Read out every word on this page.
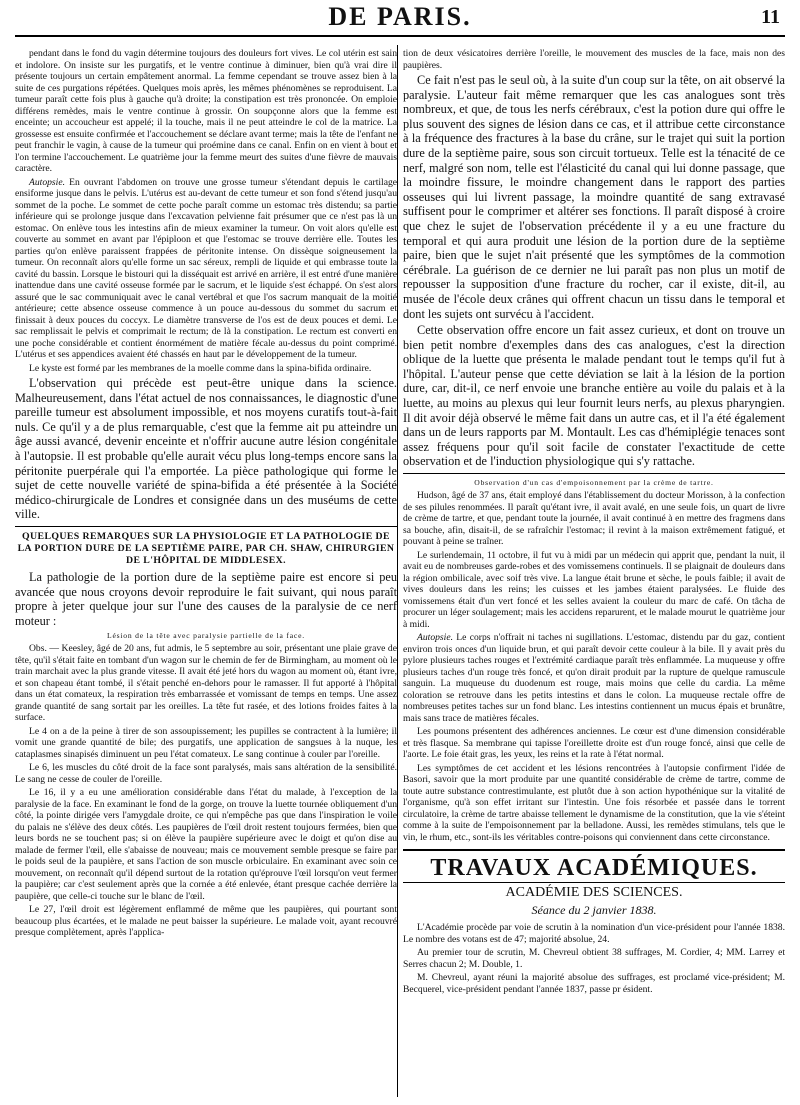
DE PARIS.	11

pendant dans le fond du vagin détermine toujours des douleurs fort vives. Le col utérin est sain et indolore. On insiste sur les purgatifs, et le ventre continue à diminuer, bien qu'à vrai dire il présente toujours un certain empâtement anormal. La femme cependant se trouve assez bien à la suite de ces purgations répétées. Quelques mois après, les mêmes phénomènes se reproduisent. La tumeur paraît cette fois plus à gauche qu'à droite; la constipation est très prononcée. On emploie différens remèdes, mais le ventre continue à grossir. On soupçonne alors que la femme est enceinte; un accoucheur est appelé; il la touche, mais il ne peut atteindre le col de la matrice. La grossesse est ensuite confirmée et l'accouchement se déclare avant terme; mais la tête de l'enfant ne peut franchir le vagin, à cause de la tumeur qui proémine dans ce canal. Enfin on en vient à bout et l'on termine l'accouchement. Le quatrième jour la femme meurt des suites d'une fièvre de mauvais caractère.

Autopsie. En ouvrant l'abdomen on trouve une grosse tumeur s'étendant depuis le cartilage ensiforme jusque dans le pelvis. L'utérus est au-devant de cette tumeur et son fond s'étend jusqu'au sommet de la poche. Le sommet de cette poche paraît comme un estomac très distendu; sa partie inférieure qui se prolonge jusque dans l'excavation pelvienne fait présumer que ce n'est pas là un estomac. On enlève tous les intestins afin de mieux examiner la tumeur. On voit alors qu'elle est couverte au sommet en avant par l'épiploon et que l'estomac se trouve derrière elle. Toutes les parties qu'on enlève paraissent frappées de péritonite intense. On dissèque soigneusement la tumeur. On reconnaît alors qu'elle forme un sac séreux, rempli de liquide et qui embrasse toute la cavité du bassin. Lorsque le bistouri qui la disséquait est arrivé en arrière, il est entré d'une manière inattendue dans une cavité osseuse formée par le sacrum, et le liquide s'est échappé. On s'est alors assuré que le sac communiquait avec le canal vertébral et que l'os sacrum manquait de la moitié antérieure; cette absence osseuse commence à un pouce au-dessous du sommet du sacrum et finissait à deux pouces du coccyx. Le diamètre transverse de l'os est de deux pouces et demi. Le sac remplissait le pelvis et comprimait le rectum; de là la constipation. Le rectum est converti en une poche considérable et contient énormément de matière fécale au-dessus du point comprimé. L'utérus et ses appendices avaient été chassés en haut par le développement de la tumeur.

Le kyste est formé par les membranes de la moelle comme dans la spina-bifida ordinaire.

L'observation qui précède est peut-être unique dans la science. Malheureusement, dans l'état actuel de nos connaissances, le diagnostic d'une pareille tumeur est absolument impossible, et nos moyens curatifs tout-à-fait nuls. Ce qu'il y a de plus remarquable, c'est que la femme ait pu atteindre un âge aussi avancé, devenir enceinte et n'offrir aucune autre lésion congénitale à l'autopsie. Il est probable qu'elle aurait vécu plus long-temps encore sans la péritonite puerpérale qui l'a emportée. La pièce pathologique qui forme le sujet de cette nouvelle variété de spina-bifida a été présentée à la Société médico-chirurgicale de Londres et consignée dans un des muséums de cette ville.

QUELQUES REMARQUES SUR LA PHYSIOLOGIE ET LA PATHOLOGIE DE LA PORTION DURE DE LA SEPTIÈME PAIRE, PAR CH. SHAW, CHIRURGIEN DE L'HÔPITAL DE MIDDLESEX.

La pathologie de la portion dure de la septième paire est encore si peu avancée que nous croyons devoir reproduire le fait suivant, qui nous paraît propre à jeter quelque jour sur l'une des causes de la paralysie de ce nerf moteur :

Lésion de la tête avec paralysie partielle de la face.

Obs. — Keesley, âgé de 20 ans, fut admis, le 5 septembre au soir, présentant une plaie grave de tête, qu'il s'était faite en tombant d'un wagon sur le chemin de fer de Birmingham, au moment où le train marchait avec la plus grande vitesse. Il avait été jeté hors du wagon au moment où, étant ivre, et son chapeau étant tombé, il s'était penché en-dehors pour le ramasser. Il fut apporté à l'hôpital dans un état comateux, la respiration très embarrassée et vomissant de temps en temps. Une assez grande quantité de sang sortait par les oreilles. La tête fut rasée, et des lotions froides faites à la surface.

Le 4 on a de la peine à tirer de son assoupissement; les pupilles se contractent à la lumière; il vomit une grande quantité de bile; des purgatifs, une application de sangsues à la nuque, les cataplasmes sinapisés diminuent un peu l'état comateux. Le sang continue à couler par l'oreille.

Le 6, les muscles du côté droit de la face sont paralysés, mais sans altération de la sensibilité. Le sang ne cesse de couler de l'oreille.

Le 16, il y a eu une amélioration considérable dans l'état du malade, à l'exception de la paralysie de la face. En examinant le fond de la gorge, on trouve la luette tournée obliquement d'un côté, la pointe dirigée vers l'amygdale droite, ce qui n'empêche pas que dans l'inspiration le voile du palais ne s'élève des deux côtés. Les paupières de l'œil droit restent toujours fermées, bien que leurs bords ne se touchent pas; si on élève la paupière supérieure avec le doigt et qu'on dise au malade de fermer l'œil, elle s'abaisse de nouveau; mais ce mouvement semble presque se faire par le poids seul de la paupière, et sans l'action de son muscle orbiculaire. En examinant avec soin ce mouvement, on reconnaît qu'il dépend surtout de la rotation qu'éprouve l'œil lorsqu'on veut fermer la paupière; car c'est seulement après que la cornée a été enlevée, étant presque cachée derrière la paupière, que celle-ci touche sur le blanc de l'œil.

Le 27, l'œil droit est légèrement enflammé de même que les paupières, qui pourtant sont beaucoup plus écartées, et le malade ne peut baisser la supérieure. Le malade voit, ayant recouvré presque complètement, après l'applica-

tion de deux vésicatoires derrière l'oreille, le mouvement des muscles de la face, mais non des paupières.

Ce fait n'est pas le seul où, à la suite d'un coup sur la tête, on ait observé la paralysie. L'auteur fait même remarquer que les cas analogues sont très nombreux, et que, de tous les nerfs cérébraux, c'est la potion dure qui offre le plus souvent des signes de lésion dans ce cas, et il attribue cette circonstance à la fréquence des fractures à la base du crâne, sur le trajet qui suit la portion dure de la septième paire, sous son circuit tortueux. Telle est la ténacité de ce nerf, malgré son nom, telle est l'élasticité du canal qui lui donne passage, que la moindre fissure, le moindre changement dans le rapport des parties osseuses qui lui livrent passage, la moindre quantité de sang extravasé suffisent pour le comprimer et altérer ses fonctions. Il paraît disposé à croire que chez le sujet de l'observation précédente il y a eu une fracture du temporal et qui aura produit une lésion de la portion dure de la septième paire, bien que le sujet n'ait présenté que les symptômes de la commotion cérébrale. La guérison de ce dernier ne lui paraît pas non plus un motif de repousser la supposition d'une fracture du rocher, car il existe, dit-il, au musée de l'école deux crânes qui offrent chacun un tissu dans le temporal et dont les sujets ont survécu à l'accident.

Cette observation offre encore un fait assez curieux, et dont on trouve un bien petit nombre d'exemples dans des cas analogues, c'est la direction oblique de la luette que présenta le malade pendant tout le temps qu'il fut à l'hôpital. L'auteur pense que cette déviation se lait à la lésion de la portion dure, car, dit-il, ce nerf envoie une branche entière au voile du palais et à la luette, au moins au plexus qui leur fournit leurs nerfs, au plexus pharyngien. Il dit avoir déjà observé le même fait dans un autre cas, et il l'a été également dans un de leurs rapports par M. Montault. Les cas d'hémiplégie tenaces sont assez fréquens pour qu'il soit facile de constater l'exactitude de cette observation et de l'induction physiologique qui s'y rattache.

Observation d'un cas d'empoisonnement par la crème de tartre.

Hudson, âgé de 37 ans, était employé dans l'établissement du docteur Morisson, à la confection de ses pilules renommées. Il paraît qu'étant ivre, il avait avalé, en une seule fois, un quart de livre de crème de tartre, et que, pendant toute la journée, il avait continué à en mettre des fragmens dans sa bouche, afin, disait-il, de se rafraîchir l'estomac; il revint à la maison extrêmement fatigué, et pouvant à peine se traîner.

Le surlendemain, 11 octobre, il fut vu à midi par un médecin qui apprit que, pendant la nuit, il avait eu de nombreuses garde-robes et des vomissemens continuels. Il se plaignait de douleurs dans la région ombilicale, avec soif très vive. La langue était brune et sèche, le pouls faible; il avait de vives douleurs dans les reins; les cuisses et les jambes étaient paralysées. Le fluide des vomissemens était d'un vert foncé et les selles avaient la couleur du marc de café. On tâcha de procurer un léger soulagement; mais les accidens reparurent, et le malade mourut le quatrième jour à midi.

Autopsie. Le corps n'offrait ni taches ni sugillations. L'estomac, distendu par du gaz, contient environ trois onces d'un liquide brun, et qui paraît devoir cette couleur à la bile. Il y avait près du pylore plusieurs taches rouges et l'extrémité cardiaque paraît très enflammée. La muqueuse y offre plusieurs taches d'un rouge très foncé, et qu'on dirait produit par la rupture de quelque ramuscule sanguin. La muqueuse du duodenum est rouge, mais moins que celle du cardia. La même coloration se retrouve dans les petits intestins et dans le colon. La muqueuse rectale offre de nombreuses petites taches sur un fond blanc. Les intestins contiennent un mucus épais et brunâtre, mais sans trace de matières fécales.

Les poumons présentent des adhérences anciennes. Le cœur est d'une dimension considérable et très flasque. Sa membrane qui tapisse l'oreillette droite est d'un rouge foncé, ainsi que celle de l'aorte. Le foie était gras, les yeux, les reins et la rate à l'état normal.

Les symptômes de cet accident et les lésions rencontrées à l'autopsie confirment l'idée de Basori, savoir que la mort produite par une quantité considérable de crème de tartre, comme de toute autre substance contrestimulante, est plutôt due à son action hypothénique sur la vitalité de l'organisme, qu'à son effet irritant sur l'intestin. Une fois résorbée et passée dans le torrent circulatoire, la crème de tartre abaisse tellement le dynamisme de la constitution, que la vie s'éteint comme à la suite de l'empoisonnement par la belladone. Aussi, les remèdes stimulans, tels que le vin, le rhum, etc., sont-ils les véritables contre-poisons qui conviennent dans cette circonstance.

TRAVAUX ACADÉMIQUES.
ACADÉMIE DES SCIENCES.
Séance du 2 janvier 1838.

L'Académie procède par voie de scrutin à la nomination d'un vice-président pour l'année 1838. Le nombre des votans est de 47; majorité absolue, 24.

Au premier tour de scrutin, M. Chevreul obtient 38 suffrages, M. Cordier, 4; MM. Larrey et Serres chacun 2; M. Double, 1.

M. Chevreul, ayant réuni la majorité absolue des suffrages, est proclamé vice-président; M. Becquerel, vice-président pendant l'année 1837, passe pr ésident.
